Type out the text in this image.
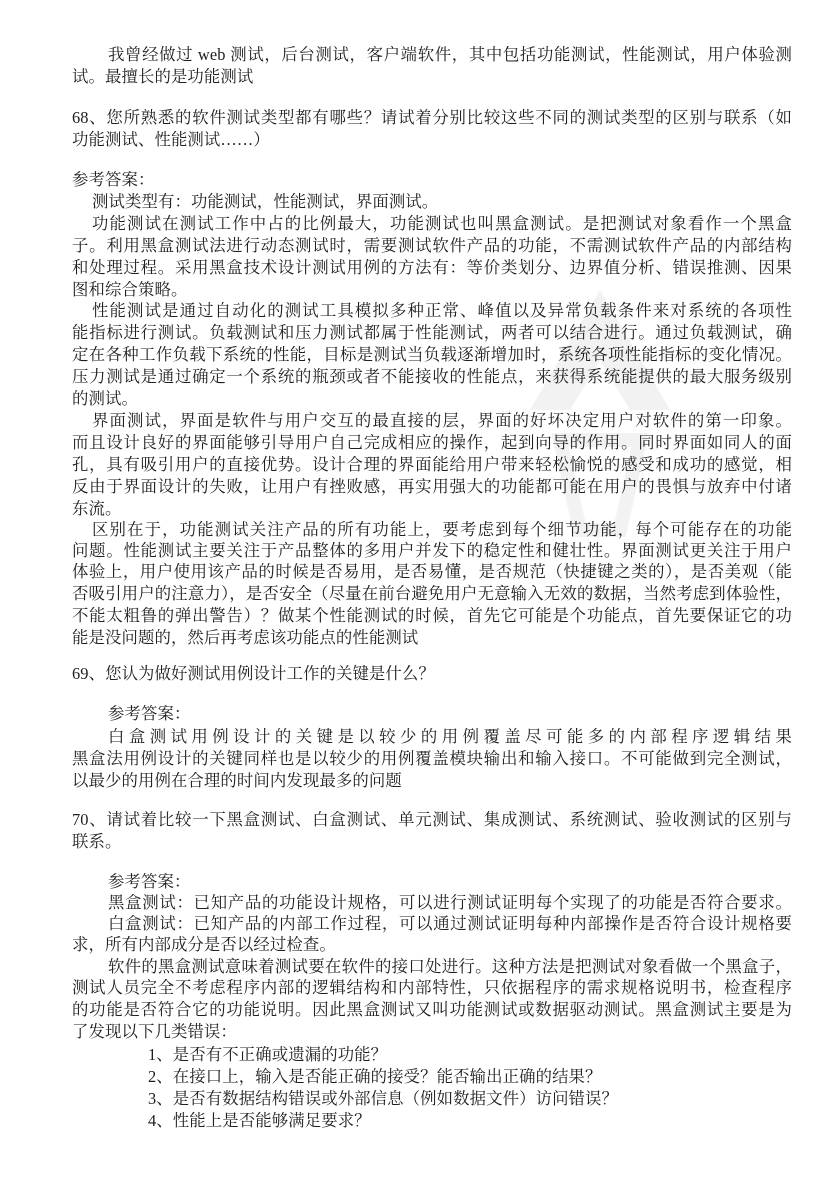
我曾经做过 web 测试，后台测试，客户端软件，其中包括功能测试，性能测试，用户体验测
试。最擅长的是功能测试
68、您所熟悉的软件测试类型都有哪些？请试着分别比较这些不同的测试类型的区别与联系（如
功能测试、性能测试……）
参考答案：
测试类型有：功能测试，性能测试，界面测试。
功能测试在测试工作中占的比例最大，功能测试也叫黑盒测试。是把测试对象看作一个黑盒
子。利用黑盒测试法进行动态测试时，需要测试软件产品的功能，不需测试软件产品的内部结构
和处理过程。采用黑盒技术设计测试用例的方法有：等价类划分、边界值分析、错误推测、因果
图和综合策略。
性能测试是通过自动化的测试工具模拟多种正常、峰值以及异常负载条件来对系统的各项性
能指标进行测试。负载测试和压力测试都属于性能测试，两者可以结合进行。通过负载测试，确
定在各种工作负载下系统的性能，目标是测试当负载逐渐增加时，系统各项性能指标的变化情况。
压力测试是通过确定一个系统的瓶颈或者不能接收的性能点，来获得系统能提供的最大服务级别
的测试。
界面测试，界面是软件与用户交互的最直接的层，界面的好坏决定用户对软件的第一印象。
而且设计良好的界面能够引导用户自己完成相应的操作，起到向导的作用。同时界面如同人的面
孔，具有吸引用户的直接优势。设计合理的界面能给用户带来轻松愉悦的感受和成功的感觉，相
反由于界面设计的失败，让用户有挫败感，再实用强大的功能都可能在用户的畏惧与放弃中付诸
东流。
区别在于，功能测试关注产品的所有功能上，要考虑到每个细节功能，每个可能存在的功能
问题。性能测试主要关注于产品整体的多用户并发下的稳定性和健壮性。界面测试更关注于用户
体验上，用户使用该产品的时候是否易用，是否易懂，是否规范（快捷键之类的），是否美观（能
否吸引用户的注意力），是否安全（尽量在前台避免用户无意输入无效的数据，当然考虑到体验性，
不能太粗鲁的弹出警告）？做某个性能测试的时候，首先它可能是个功能点，首先要保证它的功
能是没问题的，然后再考虑该功能点的性能测试
69、您认为做好测试用例设计工作的关键是什么？
参考答案：
白盒测试用例设计的关键是以较少的用例覆盖尽可能多的内部程序逻辑结果
黑盒法用例设计的关键同样也是以较少的用例覆盖模块输出和输入接口。不可能做到完全测试，
以最少的用例在合理的时间内发现最多的问题
70、请试着比较一下黑盒测试、白盒测试、单元测试、集成测试、系统测试、验收测试的区别与
联系。
参考答案：
黑盒测试：已知产品的功能设计规格，可以进行测试证明每个实现了的功能是否符合要求。
白盒测试：已知产品的内部工作过程，可以通过测试证明每种内部操作是否符合设计规格要
求，所有内部成分是否以经过检查。
软件的黑盒测试意味着测试要在软件的接口处进行。这种方法是把测试对象看做一个黑盒子，
测试人员完全不考虑程序内部的逻辑结构和内部特性，只依据程序的需求规格说明书，检查程序
的功能是否符合它的功能说明。因此黑盒测试又叫功能测试或数据驱动测试。黑盒测试主要是为
了发现以下几类错误：
1、是否有不正确或遗漏的功能？
2、在接口上，输入是否能正确的接受？能否输出正确的结果？
3、是否有数据结构错误或外部信息（例如数据文件）访问错误？
4、性能上是否能够满足要求？
